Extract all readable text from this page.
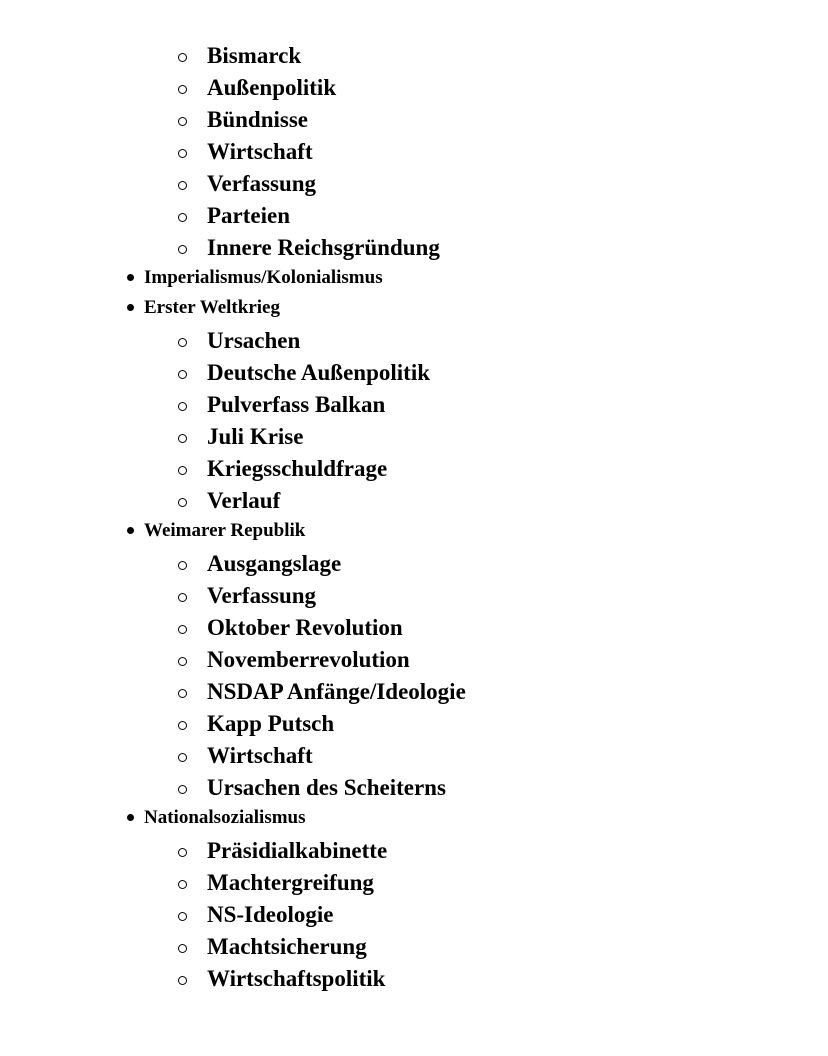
Bismarck
Außenpolitik
Bündnisse
Wirtschaft
Verfassung
Parteien
Innere Reichsgründung
Imperialismus/Kolonialismus
Erster Weltkrieg
Ursachen
Deutsche Außenpolitik
Pulverfass Balkan
Juli Krise
Kriegsschuldfrage
Verlauf
Weimarer Republik
Ausgangslage
Verfassung
Oktober Revolution
Novemberrevolution
NSDAP Anfänge/Ideologie
Kapp Putsch
Wirtschaft
Ursachen des Scheiterns
Nationalsozialismus
Präsidialkabinette
Machtergreifung
NS-Ideologie
Machtsicherung
Wirtschaftspolitik
